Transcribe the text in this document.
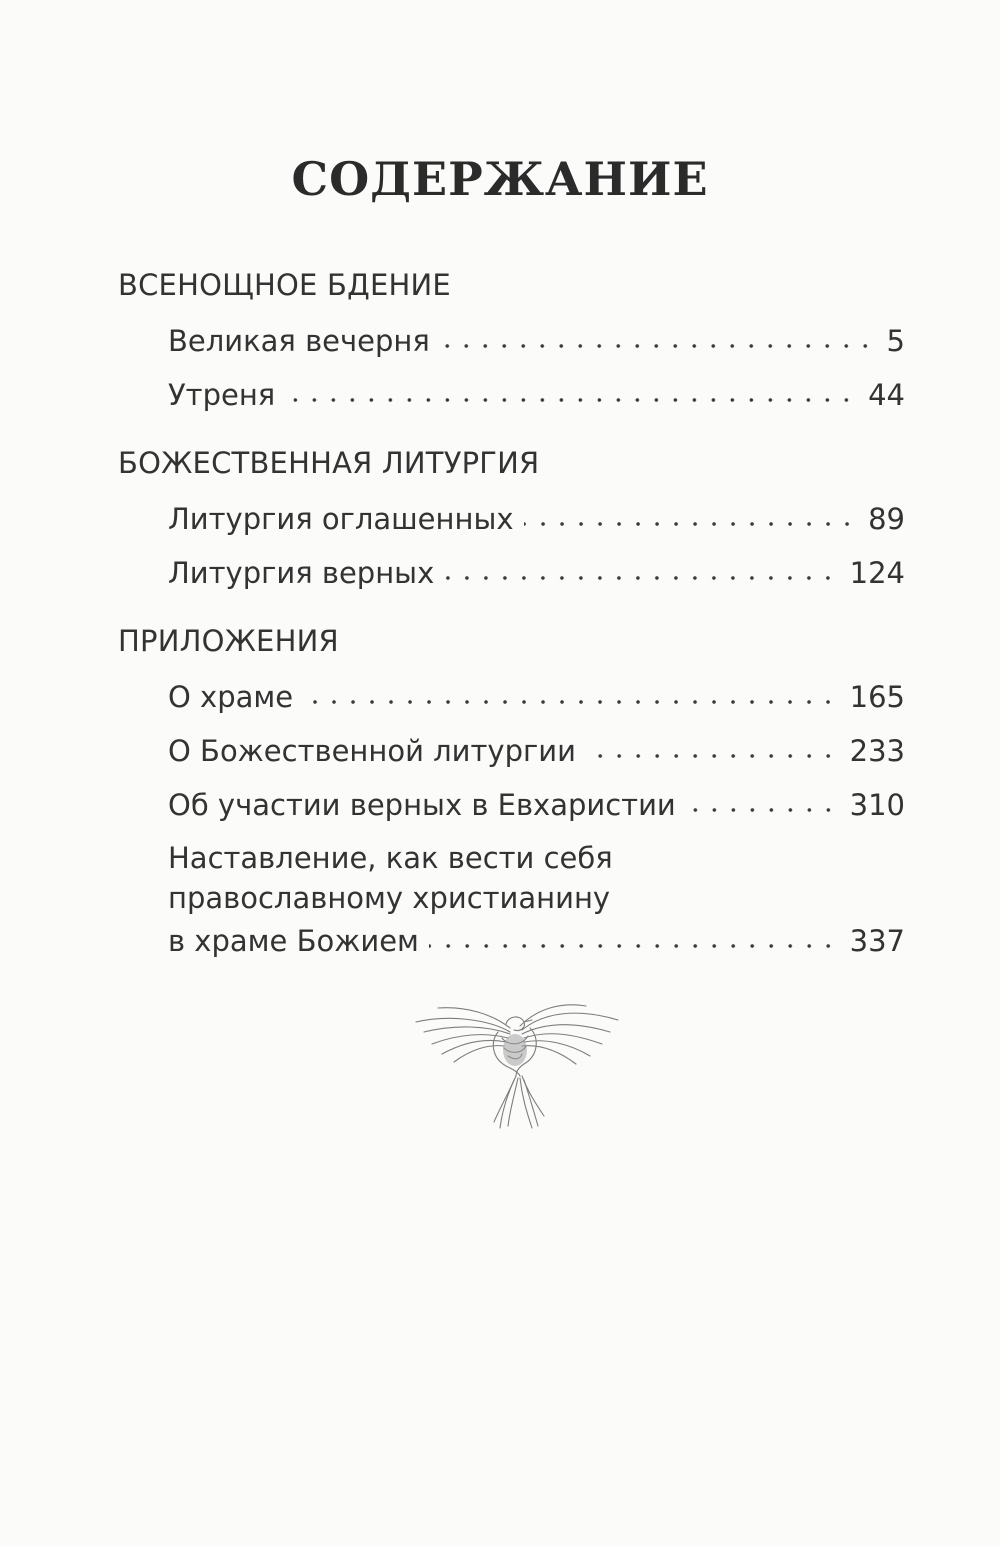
СОДЕРЖАНИЕ
ВСЕНОЩНОЕ БДЕНИЕ
Великая вечерня	5
Утреня	44
БОЖЕСТВЕННАЯ ЛИТУРГИЯ
Литургия оглашенных	89
Литургия верных	124
ПРИЛОЖЕНИЯ
О храме	165
О Божественной литургии	233
Об участии верных в Евхаристии	310
Наставление, как вести себя
православному христианину
в храме Божием	337
